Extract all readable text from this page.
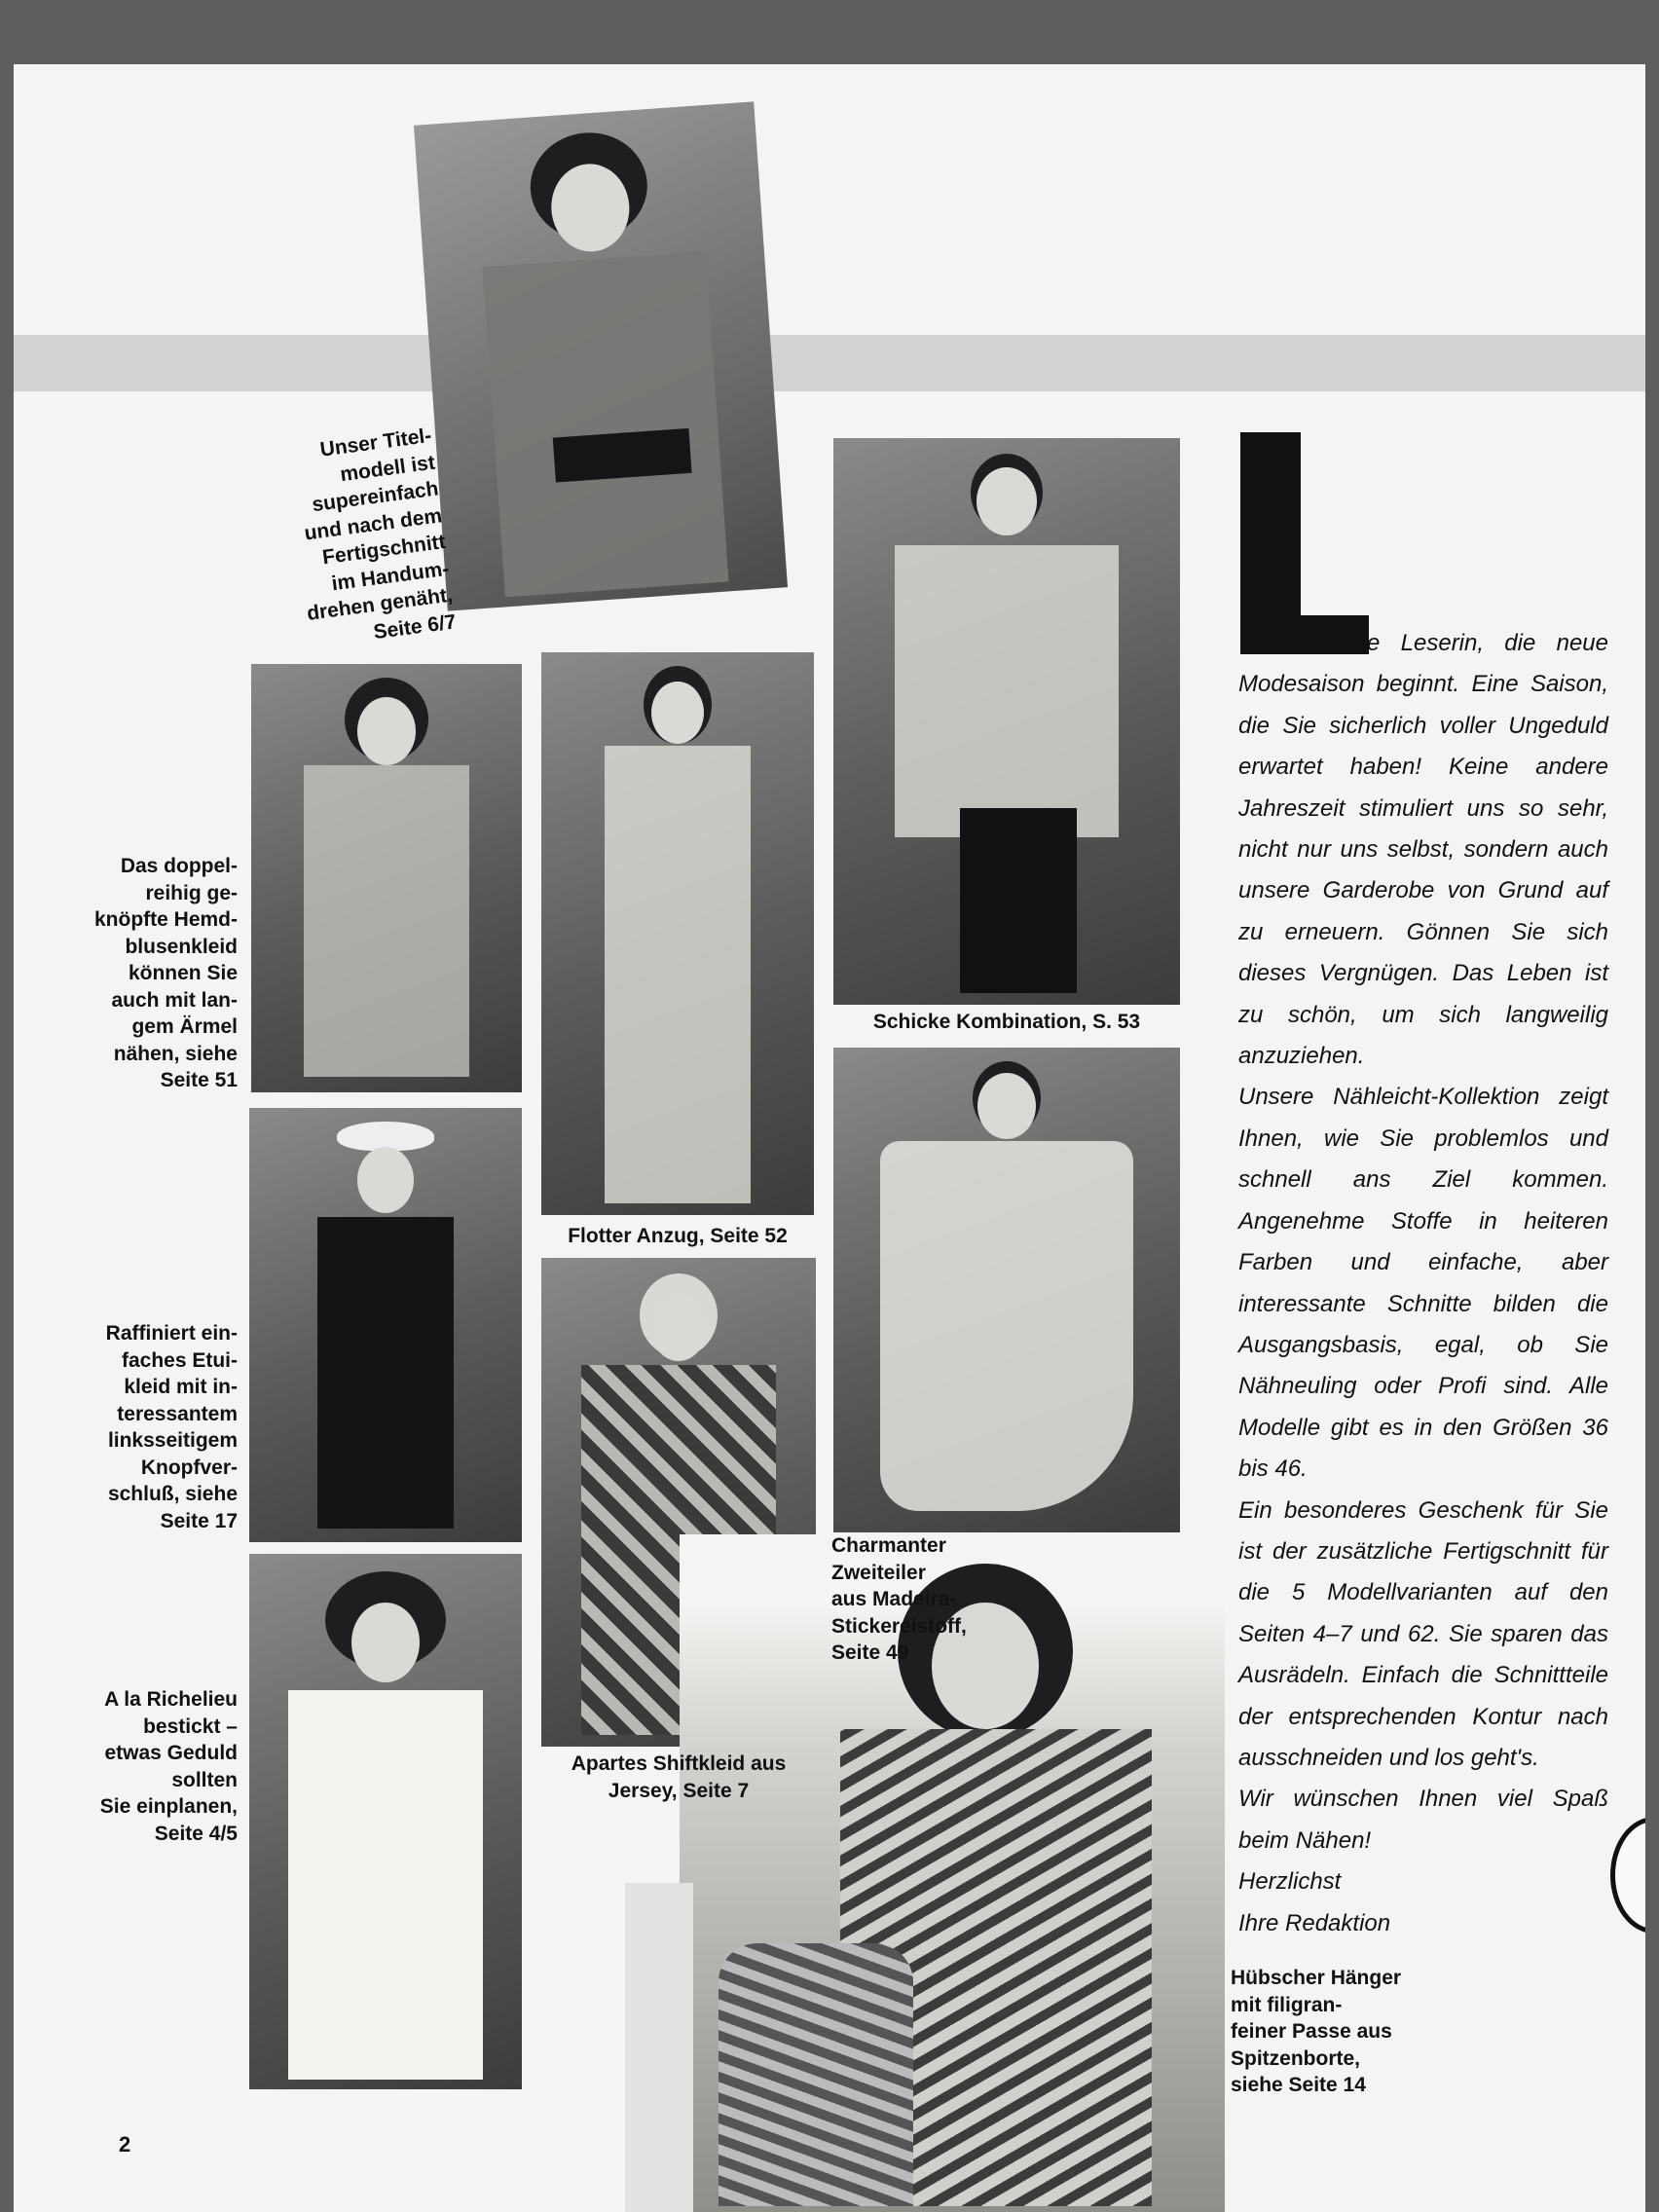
Unser Titel-
modell ist
supereinfach
und nach dem
Fertigschnitt
im Handum-
drehen genäht,
Seite 6/7
Das doppel-
reihig ge-
knöpfte Hemd-
blusenkleid
können Sie
auch mit lan-
gem Ärmel
nähen, siehe
Seite 51
Flotter Anzug, Seite 52
Schicke Kombination, S. 53
Raffiniert ein-
faches Etui-
kleid mit in-
teressantem
linksseitigem
Knopfver-
schluß, siehe
Seite 17
Charmanter
Zweiteiler
aus Madeira-
Stickereistoff,
Seite 49
A la Richelieu
bestickt –
etwas Geduld
sollten
Sie einplanen,
Seite 4/5
Apartes Shiftkleid aus
Jersey, Seite 7
Hübscher Hänger
mit filigran-
feiner Passe aus
Spitzenborte,
siehe Seite 14

iebe Leserin, die neue Modesaison beginnt. Eine Saison, die Sie sicherlich voller Ungeduld erwartet haben! Keine andere Jahreszeit stimuliert uns so sehr, nicht nur uns selbst, sondern auch unsere Garderobe von Grund auf zu erneuern. Gönnen Sie sich dieses Vergnügen. Das Leben ist zu schön, um sich langweilig anzuziehen.

Unsere Nähleicht-Kollektion zeigt Ihnen, wie Sie problemlos und schnell ans Ziel kommen. Angenehme Stoffe in heiteren Farben und einfache, aber interessante Schnitte bilden die Ausgangsbasis, egal, ob Sie Nähneuling oder Profi sind. Alle Modelle gibt es in den Größen 36 bis 46.

Ein besonderes Geschenk für Sie ist der zusätzliche Fertigschnitt für die 5 Modellvarianten auf den Seiten 4–7 und 62. Sie sparen das Ausrädeln. Einfach die Schnittteile der entsprechenden Kontur nach ausschneiden und los geht's.

Wir wünschen Ihnen viel Spaß beim Nähen!

Herzlichst

Ihre Redaktion

2
